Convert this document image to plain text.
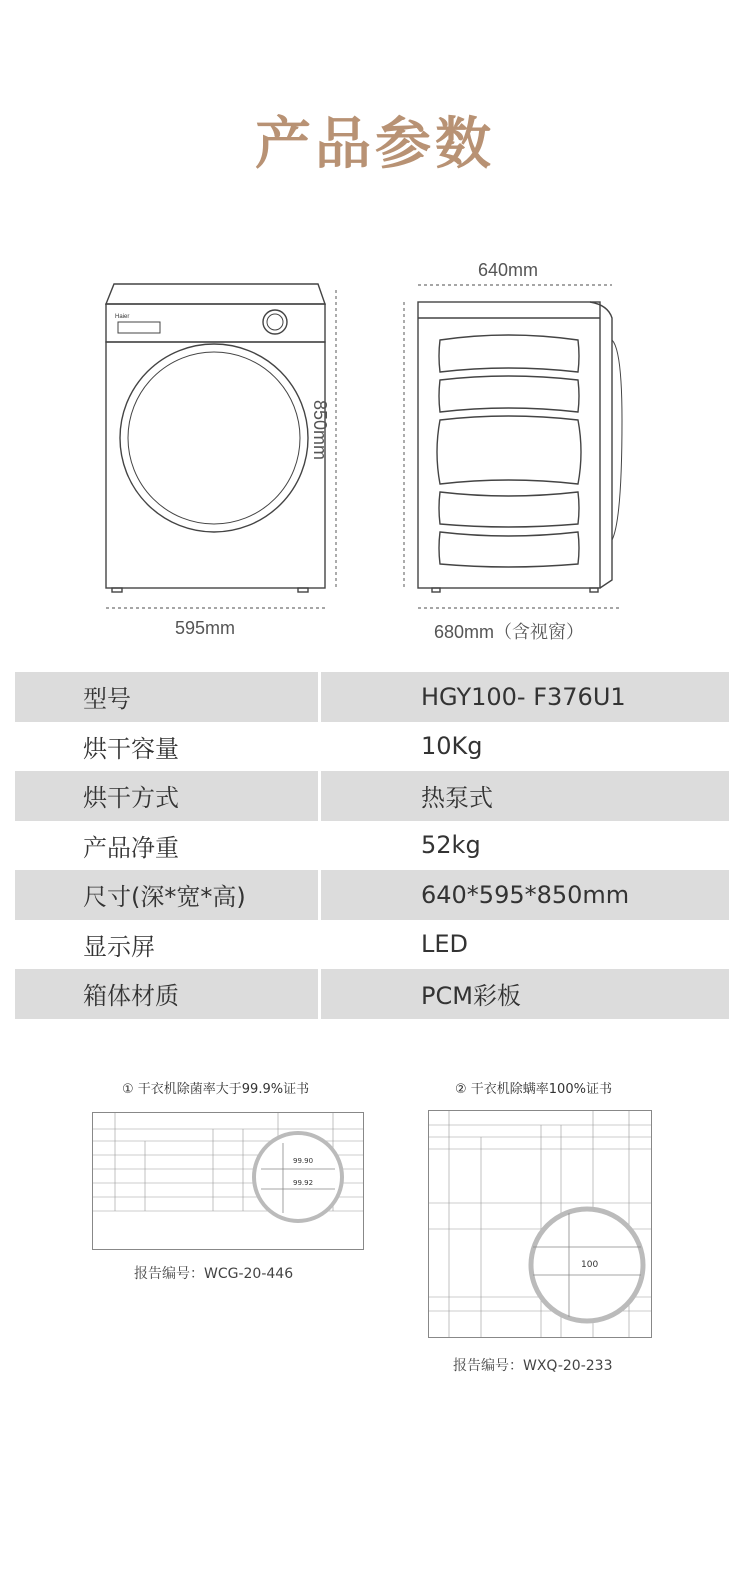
产品参数
Haier
640mm
850mm
595mm	680mm（含视窗）
型号	HGY100- F376U1
烘干容量	10Kg
烘干方式	热泵式
产品净重	52kg
尺寸(深*宽*高)	640*595*850mm
显示屏	LED
箱体材质	PCM彩板
① 干衣机除菌率大于99.9%证书
99.90
99.92
报告编号：WCG-20-446
② 干衣机除螨率100%证书
100
报告编号：WXQ-20-233
